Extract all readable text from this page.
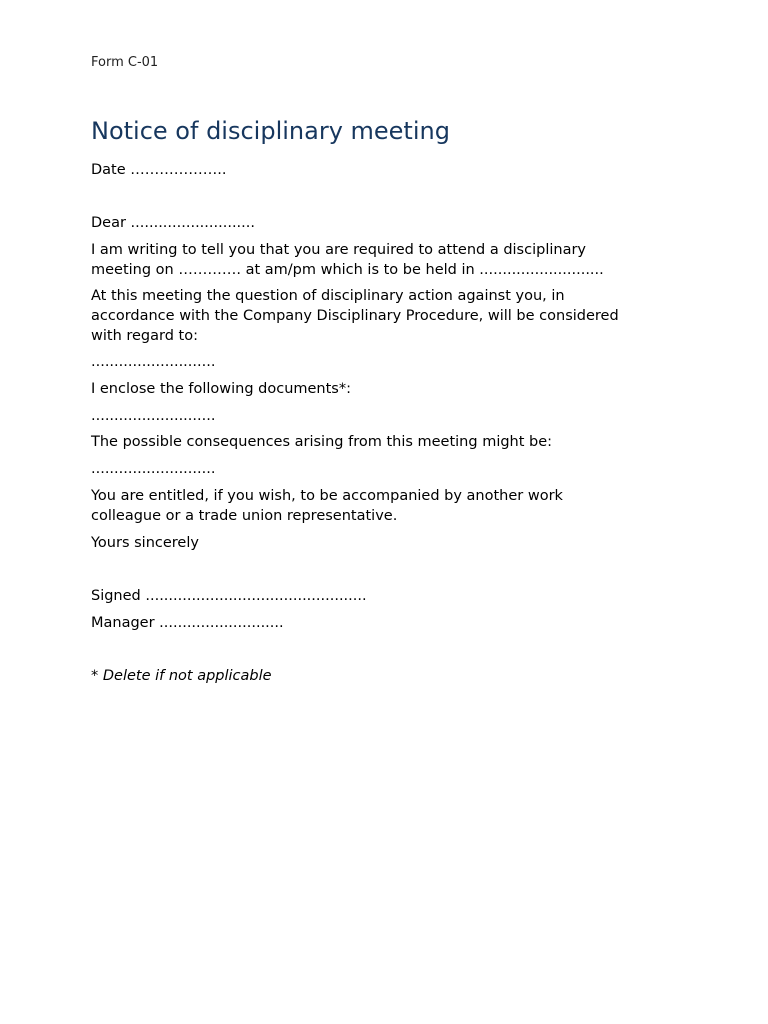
Form C-01
Notice of disciplinary meeting

Date ………………..

Dear ...........................

I am writing to tell you that you are required to attend a disciplinary
meeting on …………. at am/pm which is to be held in ...........................

At this meeting the question of disciplinary action against you, in
accordance with the Company Disciplinary Procedure, will be considered
with regard to:

...........................

I enclose the following documents*:

...........................

The possible consequences arising from this meeting might be:

...........................

You are entitled, if you wish, to be accompanied by another work
colleague or a trade union representative.

Yours sincerely

Signed ................................................

Manager ...........................

* Delete if not applicable
